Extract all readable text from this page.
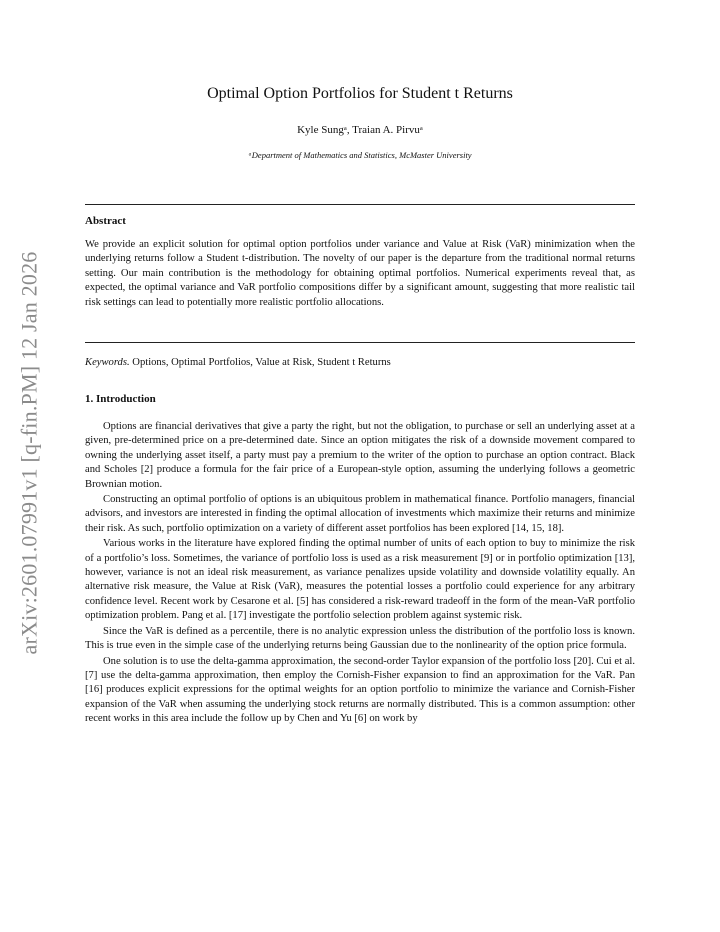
arXiv:2601.07991v1 [q-fin.PM] 12 Jan 2026
Optimal Option Portfolios for Student t Returns
Kyle Sungᵃ, Traian A. Pirvuᵃ
ᵃDepartment of Mathematics and Statistics, McMaster University
Abstract
We provide an explicit solution for optimal option portfolios under variance and Value at Risk (VaR) minimization when the underlying returns follow a Student t-distribution. The novelty of our paper is the departure from the traditional normal returns setting. Our main contribution is the methodology for obtaining optimal portfolios. Numerical experiments reveal that, as expected, the optimal variance and VaR portfolio compositions differ by a significant amount, suggesting that more realistic tail risk settings can lead to potentially more realistic portfolio allocations.
Keywords. Options, Optimal Portfolios, Value at Risk, Student t Returns
1. Introduction

Options are financial derivatives that give a party the right, but not the obligation, to purchase or sell an underlying asset at a given, pre-determined price on a pre-determined date. Since an option mitigates the risk of a downside movement compared to owning the underlying asset itself, a party must pay a premium to the writer of the option to purchase an option contract. Black and Scholes [2] produce a formula for the fair price of a European-style option, assuming the underlying follows a geometric Brownian motion.

Constructing an optimal portfolio of options is an ubiquitous problem in mathematical finance. Portfolio managers, financial advisors, and investors are interested in finding the optimal allocation of investments which maximize their returns and minimize their risk. As such, portfolio optimization on a variety of different asset portfolios has been explored [14, 15, 18].

Various works in the literature have explored finding the optimal number of units of each option to buy to minimize the risk of a portfolio’s loss. Sometimes, the variance of portfolio loss is used as a risk measurement [9] or in portfolio optimization [13], however, variance is not an ideal risk measurement, as variance penalizes upside volatility and downside volatility equally. An alternative risk measure, the Value at Risk (VaR), measures the potential losses a portfolio could experience for any arbitrary confidence level. Recent work by Cesarone et al. [5] has considered a risk-reward tradeoff in the form of the mean-VaR portfolio optimization problem. Pang et al. [17] investigate the portfolio selection problem against systemic risk.

Since the VaR is defined as a percentile, there is no analytic expression unless the distribution of the portfolio loss is known. This is true even in the simple case of the underlying returns being Gaussian due to the nonlinearity of the option price formula.

One solution is to use the delta-gamma approximation, the second-order Taylor expansion of the portfolio loss [20]. Cui et al. [7] use the delta-gamma approximation, then employ the Cornish-Fisher expansion to find an approximation for the VaR. Pan [16] produces explicit expressions for the optimal weights for an option portfolio to minimize the variance and Cornish-Fisher expansion of the VaR when assuming the underlying stock returns are normally distributed. This is a common assumption: other recent works in this area include the follow up by Chen and Yu [6] on work by
